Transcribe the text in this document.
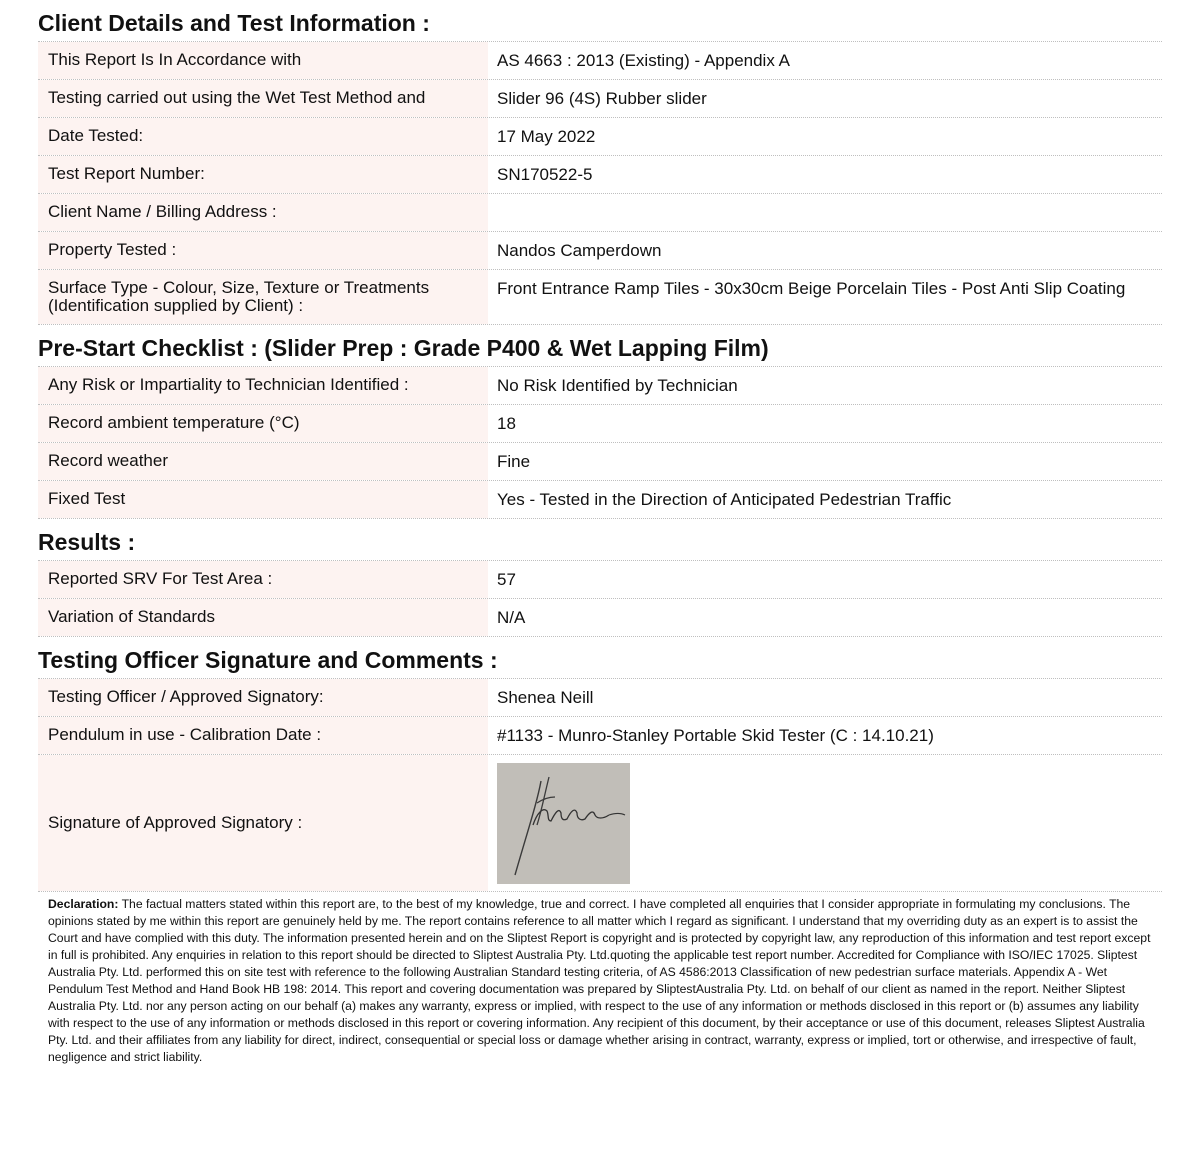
Client Details and Test Information :
This Report Is In Accordance with	AS 4663 : 2013 (Existing) - Appendix A
Testing carried out using the Wet Test Method and	Slider 96 (4S) Rubber slider
Date Tested:	17 May 2022
Test Report Number:	SN170522-5
Client Name / Billing Address :
Property Tested :	Nandos Camperdown
Surface Type - Colour, Size, Texture or Treatments (Identification supplied by Client) :
Front Entrance Ramp Tiles - 30x30cm Beige Porcelain Tiles - Post Anti Slip Coating
Pre-Start Checklist : (Slider Prep : Grade P400 & Wet Lapping Film)
Any Risk or Impartiality to Technician Identified :	No Risk Identified by Technician
Record ambient temperature (°C)	18
Record weather	Fine
Fixed Test	Yes - Tested in the Direction of Anticipated Pedestrian Traffic
Results :
Reported SRV For Test Area :	57
Variation of Standards	N/A
Testing Officer Signature and Comments :
Testing Officer / Approved Signatory:	Shenea Neill
Pendulum in use - Calibration Date :	#1133 - Munro-Stanley Portable Skid Tester (C : 14.10.21)
Signature of Approved Signatory :
Declaration: The factual matters stated within this report are, to the best of my knowledge, true and correct. I have completed all enquiries that I consider appropriate in formulating my conclusions. The opinions stated by me within this report are genuinely held by me. The report contains reference to all matter which I regard as significant. I understand that my overriding duty as an expert is to assist the Court and have complied with this duty. The information presented herein and on the Sliptest Report is copyright and is protected by copyright law, any reproduction of this information and test report except in full is prohibited. Any enquiries in relation to this report should be directed to Sliptest Australia Pty. Ltd.quoting the applicable test report number. Accredited for Compliance with ISO/IEC 17025. Sliptest Australia Pty. Ltd. performed this on site test with reference to the following Australian Standard testing criteria, of AS 4586:2013 Classification of new pedestrian surface materials. Appendix A - Wet Pendulum Test Method and Hand Book HB 198: 2014. This report and covering documentation was prepared by SliptestAustralia Pty. Ltd. on behalf of our client as named in the report. Neither Sliptest Australia Pty. Ltd. nor any person acting on our behalf (a) makes any warranty, express or implied, with respect to the use of any information or methods disclosed in this report or (b) assumes any liability with respect to the use of any information or methods disclosed in this report or covering information. Any recipient of this document, by their acceptance or use of this document, releases Sliptest Australia Pty. Ltd. and their affiliates from any liability for direct, indirect, consequential or special loss or damage whether arising in contract, warranty, express or implied, tort or otherwise, and irrespective of fault, negligence and strict liability.
